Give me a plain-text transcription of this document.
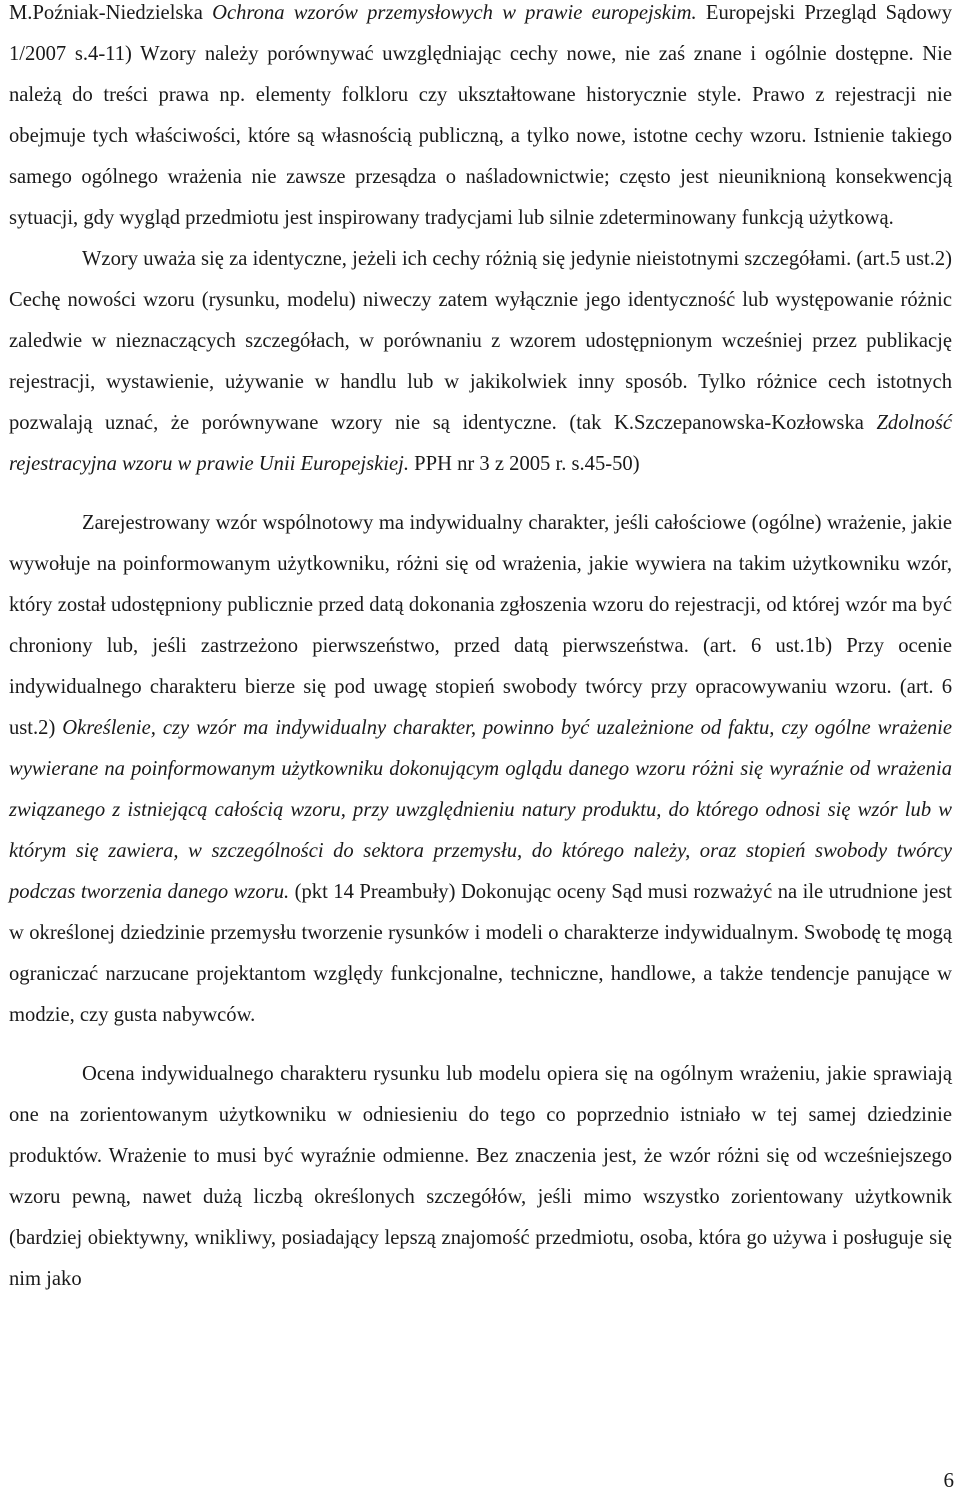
M.Poźniak-Niedzielska Ochrona wzorów przemysłowych w prawie europejskim. Europejski Przegląd Sądowy 1/2007 s.4-11) Wzory należy porównywać uwzględniając cechy nowe, nie zaś znane i ogólnie dostępne. Nie należą do treści prawa np. elementy folkloru czy ukształtowane historycznie style. Prawo z rejestracji nie obejmuje tych właściwości, które są własnością publiczną, a tylko nowe, istotne cechy wzoru. Istnienie takiego samego ogólnego wrażenia nie zawsze przesądza o naśladownictwie; często jest nieuniknioną konsekwencją sytuacji, gdy wygląd przedmiotu jest inspirowany tradycjami lub silnie zdeterminowany funkcją użytkową.

Wzory uważa się za identyczne, jeżeli ich cechy różnią się jedynie nieistotnymi szczegółami. (art.5 ust.2) Cechę nowości wzoru (rysunku, modelu) niweczy zatem wyłącznie jego identyczność lub występowanie różnic zaledwie w nieznaczących szczegółach, w porównaniu z wzorem udostępnionym wcześniej przez publikację rejestracji, wystawienie, używanie w handlu lub w jakikolwiek inny sposób. Tylko różnice cech istotnych pozwalają uznać, że porównywane wzory nie są identyczne. (tak K.Szczepanowska-Kozłowska Zdolność rejestracyjna wzoru w prawie Unii Europejskiej. PPH nr 3 z 2005 r. s.45-50)

Zarejestrowany wzór wspólnotowy ma indywidualny charakter, jeśli całościowe (ogólne) wrażenie, jakie wywołuje na poinformowanym użytkowniku, różni się od wrażenia, jakie wywiera na takim użytkowniku wzór, który został udostępniony publicznie przed datą dokonania zgłoszenia wzoru do rejestracji, od której wzór ma być chroniony lub, jeśli zastrzeżono pierwszeństwo, przed datą pierwszeństwa. (art. 6 ust.1b) Przy ocenie indywidualnego charakteru bierze się pod uwagę stopień swobody twórcy przy opracowywaniu wzoru. (art. 6 ust.2) Określenie, czy wzór ma indywidualny charakter, powinno być uzależnione od faktu, czy ogólne wrażenie wywierane na poinformowanym użytkowniku dokonującym oglądu danego wzoru różni się wyraźnie od wrażenia związanego z istniejącą całością wzoru, przy uwzględnieniu natury produktu, do którego odnosi się wzór lub w którym się zawiera, w szczególności do sektora przemysłu, do którego należy, oraz stopień swobody twórcy podczas tworzenia danego wzoru. (pkt 14 Preambuły) Dokonując oceny Sąd musi rozważyć na ile utrudnione jest w określonej dziedzinie przemysłu tworzenie rysunków i modeli o charakterze indywidualnym. Swobodę tę mogą ograniczać narzucane projektantom względy funkcjonalne, techniczne, handlowe, a także tendencje panujące w modzie, czy gusta nabywców.

Ocena indywidualnego charakteru rysunku lub modelu opiera się na ogólnym wrażeniu, jakie sprawiają one na zorientowanym użytkowniku w odniesieniu do tego co poprzednio istniało w tej samej dziedzinie produktów. Wrażenie to musi być wyraźnie odmienne. Bez znaczenia jest, że wzór różni się od wcześniejszego wzoru pewną, nawet dużą liczbą określonych szczegółów, jeśli mimo wszystko zorientowany użytkownik (bardziej obiektywny, wnikliwy, posiadający lepszą znajomość przedmiotu, osoba, która go używa i posługuje się nim jako

6
